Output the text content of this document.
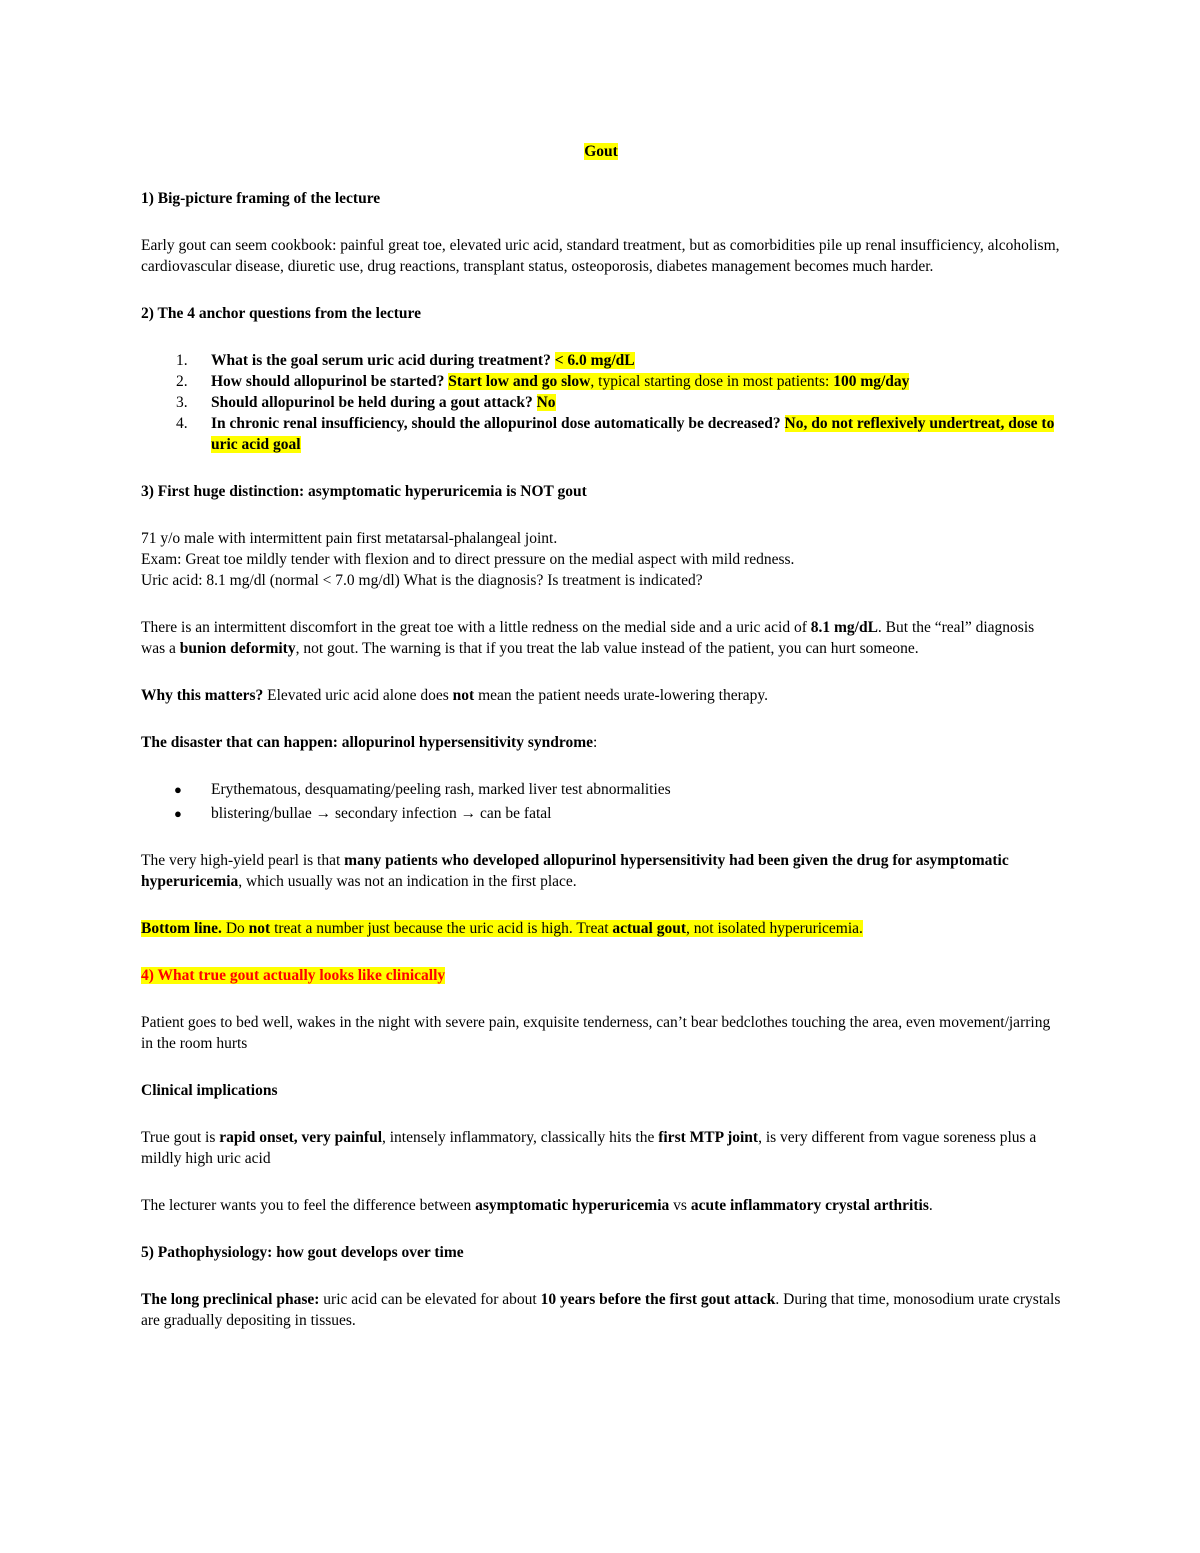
Gout

1) Big-picture framing of the lecture

Early gout can seem cookbook: painful great toe, elevated uric acid, standard treatment, but as comorbidities pile up renal insufficiency, alcoholism, cardiovascular disease, diuretic use, drug reactions, transplant status, osteoporosis, diabetes management becomes much harder.

2) The 4 anchor questions from the lecture

1. What is the goal serum uric acid during treatment? < 6.0 mg/dL
2. How should allopurinol be started? Start low and go slow, typical starting dose in most patients: 100 mg/day
3. Should allopurinol be held during a gout attack? No
4. In chronic renal insufficiency, should the allopurinol dose automatically be decreased? No, do not reflexively undertreat, dose to uric acid goal

3) First huge distinction: asymptomatic hyperuricemia is NOT gout

71 y/o male with intermittent pain first metatarsal-phalangeal joint.
Exam: Great toe mildly tender with flexion and to direct pressure on the medial aspect with mild redness.
Uric acid: 8.1 mg/dl (normal < 7.0 mg/dl) What is the diagnosis? Is treatment is indicated?

There is an intermittent discomfort in the great toe with a little redness on the medial side and a uric acid of 8.1 mg/dL. But the “real” diagnosis was a bunion deformity, not gout. The warning is that if you treat the lab value instead of the patient, you can hurt someone.

Why this matters? Elevated uric acid alone does not mean the patient needs urate-lowering therapy.

The disaster that can happen: allopurinol hypersensitivity syndrome:

● Erythematous, desquamating/peeling rash, marked liver test abnormalities
● blistering/bullae → secondary infection → can be fatal

The very high-yield pearl is that many patients who developed allopurinol hypersensitivity had been given the drug for asymptomatic hyperuricemia, which usually was not an indication in the first place.

Bottom line. Do not treat a number just because the uric acid is high. Treat actual gout, not isolated hyperuricemia.

4) What true gout actually looks like clinically

Patient goes to bed well, wakes in the night with severe pain, exquisite tenderness, can’t bear bedclothes touching the area, even movement/jarring in the room hurts

Clinical implications

True gout is rapid onset, very painful, intensely inflammatory, classically hits the first MTP joint, is very different from vague soreness plus a mildly high uric acid

The lecturer wants you to feel the difference between asymptomatic hyperuricemia vs acute inflammatory crystal arthritis.

5) Pathophysiology: how gout develops over time

The long preclinical phase: uric acid can be elevated for about 10 years before the first gout attack. During that time, monosodium urate crystals are gradually depositing in tissues.
